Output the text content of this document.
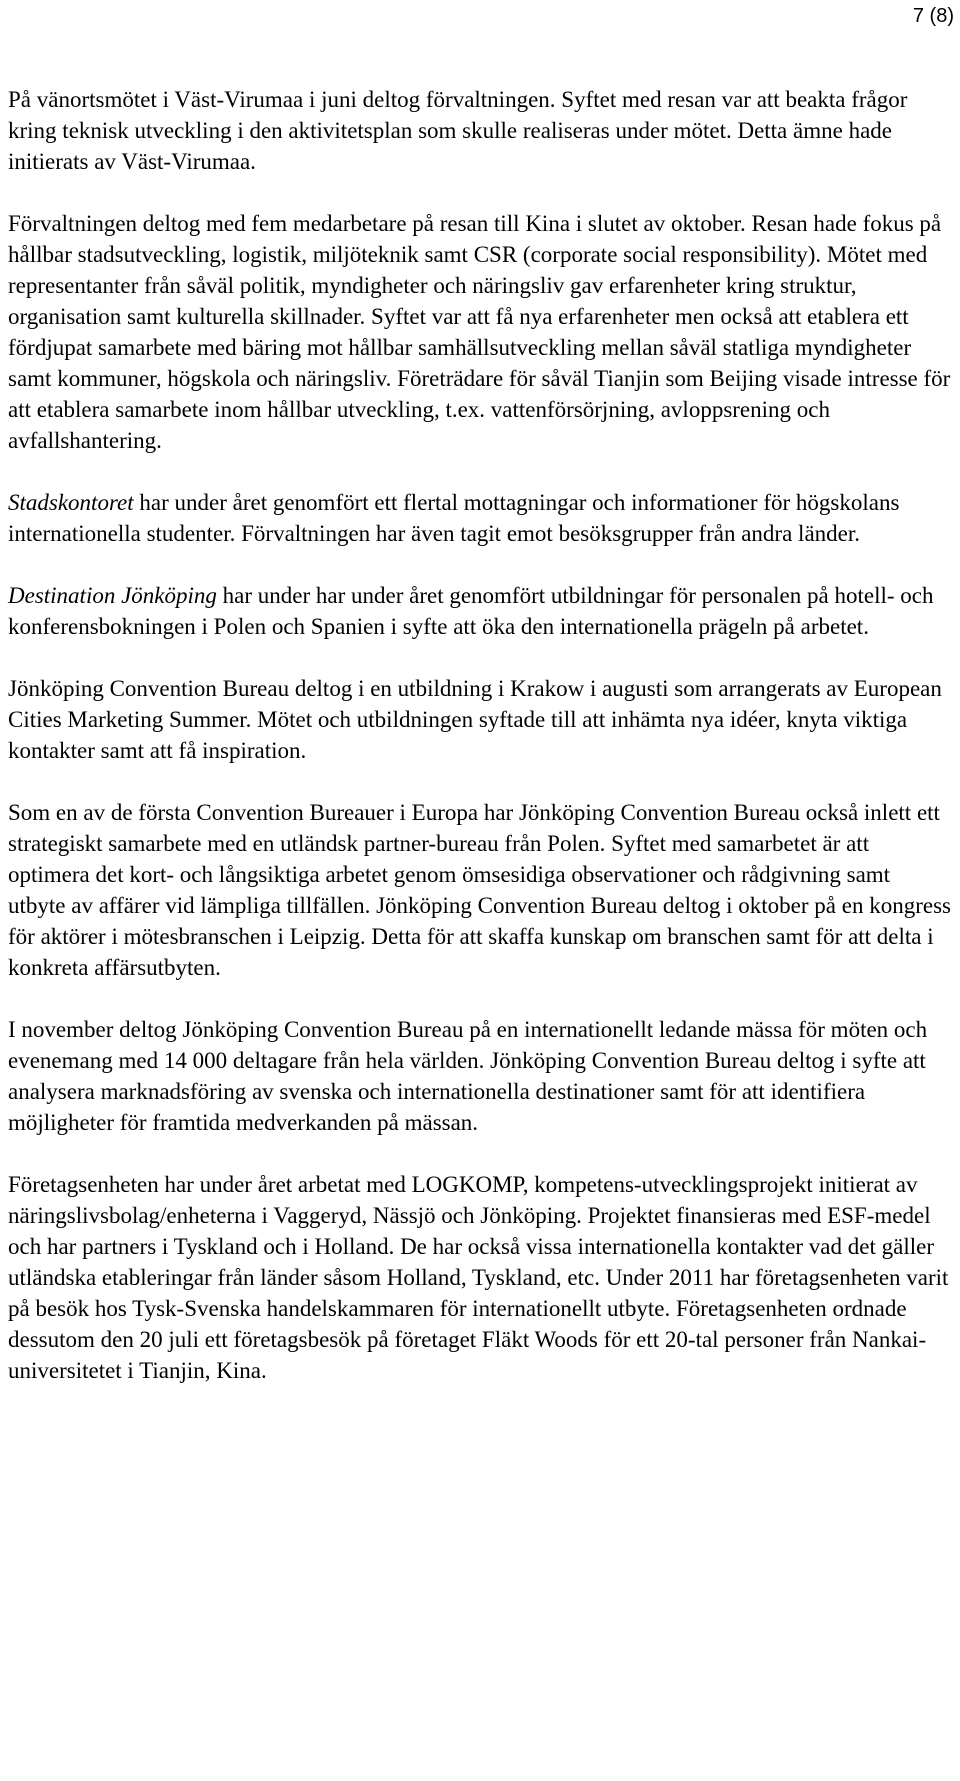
7 (8)

På vänortsmötet i Väst-Virumaa i juni deltog förvaltningen. Syftet med resan var att beakta frågor kring teknisk utveckling i den aktivitetsplan som skulle realiseras under mötet. Detta ämne hade initierats av Väst-Virumaa.

Förvaltningen deltog med fem medarbetare på resan till Kina i slutet av oktober. Resan hade fokus på hållbar stadsutveckling, logistik, miljöteknik samt CSR (corporate social responsibility). Mötet med representanter från såväl politik, myndigheter och näringsliv gav erfarenheter kring struktur, organisation samt kulturella skillnader. Syftet var att få nya erfarenheter men också att etablera ett fördjupat samarbete med bäring mot hållbar samhällsutveckling mellan såväl statliga myndigheter samt kommuner, högskola och näringsliv. Företrädare för såväl Tianjin som Beijing visade intresse för att etablera samarbete inom hållbar utveckling, t.ex. vattenförsörjning, avloppsrening och avfallshantering.

Stadskontoret har under året genomfört ett flertal mottagningar och informationer för högskolans internationella studenter. Förvaltningen har även tagit emot besöksgrupper från andra länder.

Destination Jönköping har under har under året genomfört utbildningar för personalen på hotell- och konferensbokningen i Polen och Spanien i syfte att öka den internationella prägeln på arbetet.

Jönköping Convention Bureau deltog i en utbildning i Krakow i augusti som arrangerats av European Cities Marketing Summer. Mötet och utbildningen syftade till att inhämta nya idéer, knyta viktiga kontakter samt att få inspiration.

Som en av de första Convention Bureauer i Europa har Jönköping Convention Bureau också inlett ett strategiskt samarbete med en utländsk partner-bureau från Polen. Syftet med samarbetet är att optimera det kort- och långsiktiga arbetet genom ömsesidiga observationer och rådgivning samt utbyte av affärer vid lämpliga tillfällen. Jönköping Convention Bureau deltog i oktober på en kongress för aktörer i mötesbranschen i Leipzig. Detta för att skaffa kunskap om branschen samt för att delta i konkreta affärsutbyten.

I november deltog Jönköping Convention Bureau på en internationellt ledande mässa för möten och evenemang med 14 000 deltagare från hela världen. Jönköping Convention Bureau deltog i syfte att analysera marknadsföring av svenska och internationella destinationer samt för att identifiera möjligheter för framtida medverkanden på mässan.

Företagsenheten har under året arbetat med LOGKOMP, kompetens-utvecklingsprojekt initierat av näringslivsbolag/enheterna i Vaggeryd, Nässjö och Jönköping. Projektet finansieras med ESF-medel och har partners i Tyskland och i Holland. De har också vissa internationella kontakter vad det gäller utländska etableringar från länder såsom Holland, Tyskland, etc. Under 2011 har företagsenheten varit på besök hos Tysk-Svenska handelskammaren för internationellt utbyte. Företagsenheten ordnade dessutom den 20 juli ett företagsbesök på företaget Fläkt Woods för ett 20-tal personer från Nankai-universitetet i Tianjin, Kina.
